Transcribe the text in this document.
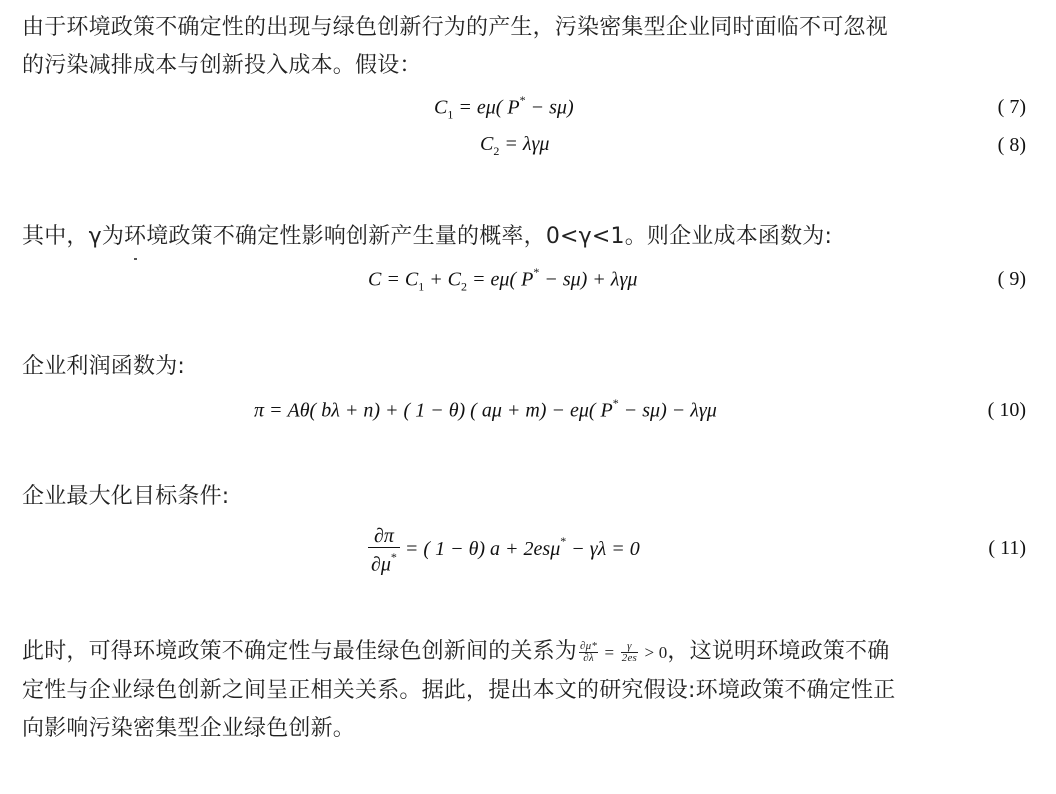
由于环境政策不确定性的出现与绿色创新行为的产生，污染密集型企业同时面临不可忽视
的污染减排成本与创新投入成本。假设：
$C_1 = e\mu$( P* − sμ)	( 7)
$C_2 = \lambda\gamma\mu$	( 8)
其中，γ为环境政策不确定性影响创新产生量的概率，0<γ<1。则企业成本函数为:
$C = C_1 + C_2 = e\mu$( P* − sμ) + λγμ	( 9)
企业利润函数为:
π = Aθ( bλ + n) + ( 1 − θ) ( aμ + m) − eμ( P* − sμ) − λγμ	( 10)
企业最大化目标条件:
$\frac{\partial\pi}{\partial\mu^*}$ = ( 1 − θ) a + 2esμ* − γλ = 0	( 11)
此时，可得环境政策不确定性与最佳绿色创新间的关系为 $\frac{\partial\mu*}{\partial\lambda} = \frac{\gamma}{2es} > 0$，这说明环境政策不确
定性与企业绿色创新之间呈正相关关系。据此，提出本文的研究假设:环境政策不确定性正
向影响污染密集型企业绿色创新。
